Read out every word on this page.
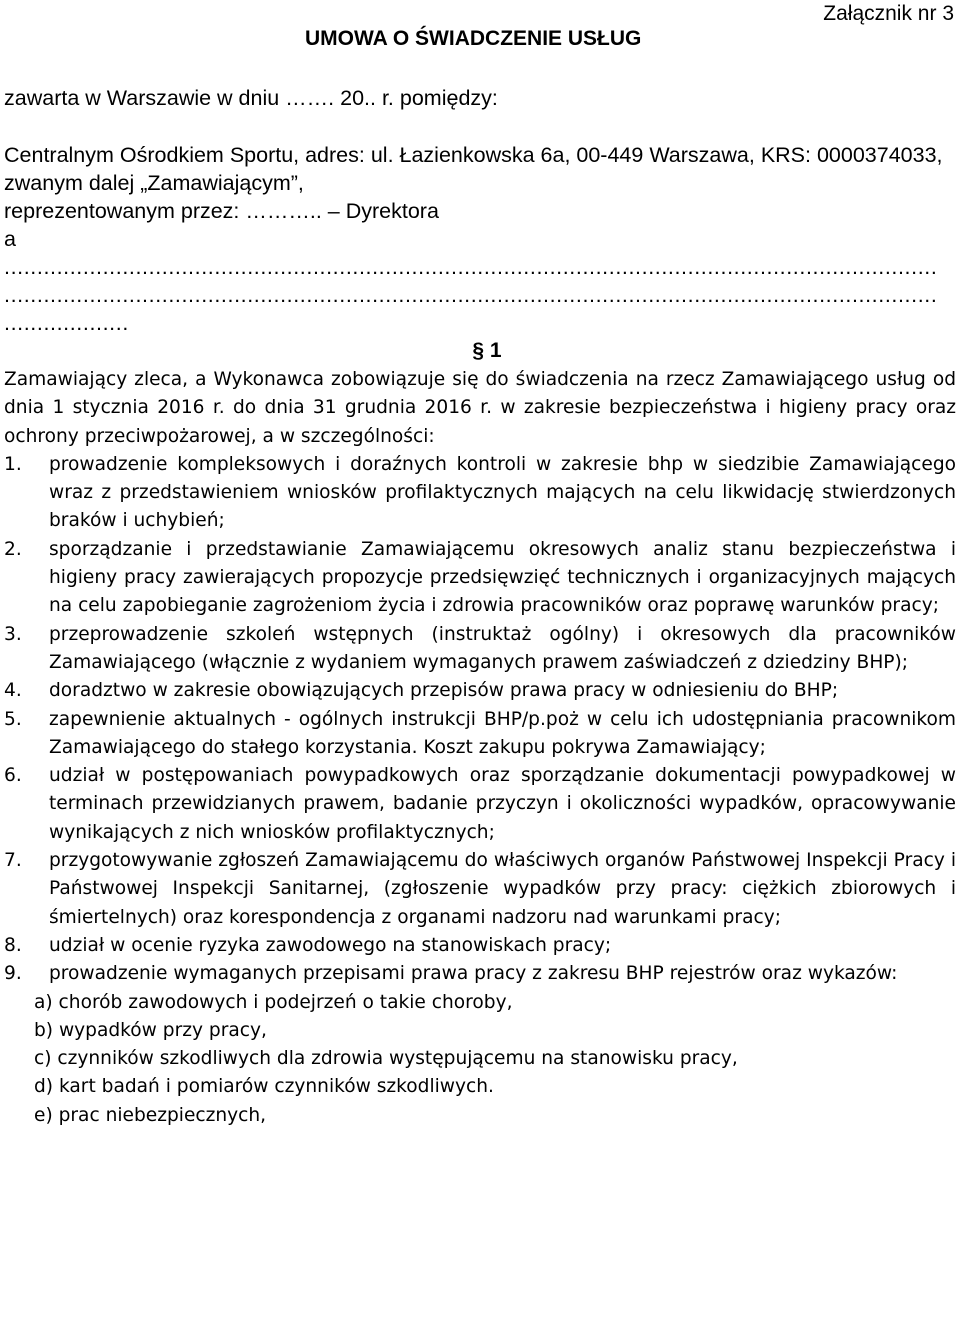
Załącznik nr 3
UMOWA O ŚWIADCZENIE USŁUG

zawarta w Warszawie w dniu ……. 20.. r. pomiędzy:

Centralnym Ośrodkiem Sportu, adres: ul. Łazienkowska 6a, 00-449 Warszawa, KRS: 0000374033, zwanym dalej „Zamawiającym”,

reprezentowanym przez: ……….. – Dyrektora

a

..............................................................................................................................................

..............................................................................................................................................

...................

§ 1

Zamawiający zleca, a Wykonawca zobowiązuje się do świadczenia na rzecz Zamawiającego usług od dnia 1 stycznia 2016 r. do dnia 31 grudnia 2016 r. w zakresie bezpieczeństwa i higieny pracy oraz ochrony przeciwpożarowej, a w szczególności:

1. prowadzenie kompleksowych i doraźnych kontroli w zakresie bhp w siedzibie Zamawiającego wraz z przedstawieniem wniosków profilaktycznych mających na celu likwidację stwierdzonych braków i uchybień;
2. sporządzanie i przedstawianie Zamawiającemu okresowych analiz stanu bezpieczeństwa i higieny pracy zawierających propozycje przedsięwzięć technicznych i organizacyjnych mających na celu zapobieganie zagrożeniom życia i zdrowia pracowników oraz poprawę warunków pracy;
3. przeprowadzenie szkoleń wstępnych (instruktaż ogólny) i okresowych dla pracowników Zamawiającego (włącznie z wydaniem wymaganych prawem zaświadczeń z dziedziny BHP);
4. doradztwo w zakresie obowiązujących przepisów prawa pracy w odniesieniu do BHP;
5. zapewnienie aktualnych - ogólnych instrukcji BHP/p.poż w celu ich udostępniania pracownikom Zamawiającego do stałego korzystania. Koszt zakupu pokrywa Zamawiający;
6. udział w postępowaniach powypadkowych oraz sporządzanie dokumentacji powypadkowej w terminach przewidzianych prawem, badanie przyczyn i okoliczności wypadków, opracowywanie wynikających z nich wniosków profilaktycznych;
7. przygotowywanie zgłoszeń Zamawiającemu do właściwych organów Państwowej Inspekcji Pracy i Państwowej Inspekcji Sanitarnej, (zgłoszenie wypadków przy pracy: ciężkich zbiorowych i śmiertelnych) oraz korespondencja z organami nadzoru nad warunkami pracy;
8. udział w ocenie ryzyka zawodowego na stanowiskach pracy;
9. prowadzenie wymaganych przepisami prawa pracy z zakresu BHP rejestrów oraz wykazów:
a) chorób zawodowych i podejrzeń o takie choroby,
b) wypadków przy pracy,
c) czynników szkodliwych dla zdrowia występującemu na stanowisku pracy,
d) kart badań i pomiarów czynników szkodliwych.
e) prac niebezpiecznych,
